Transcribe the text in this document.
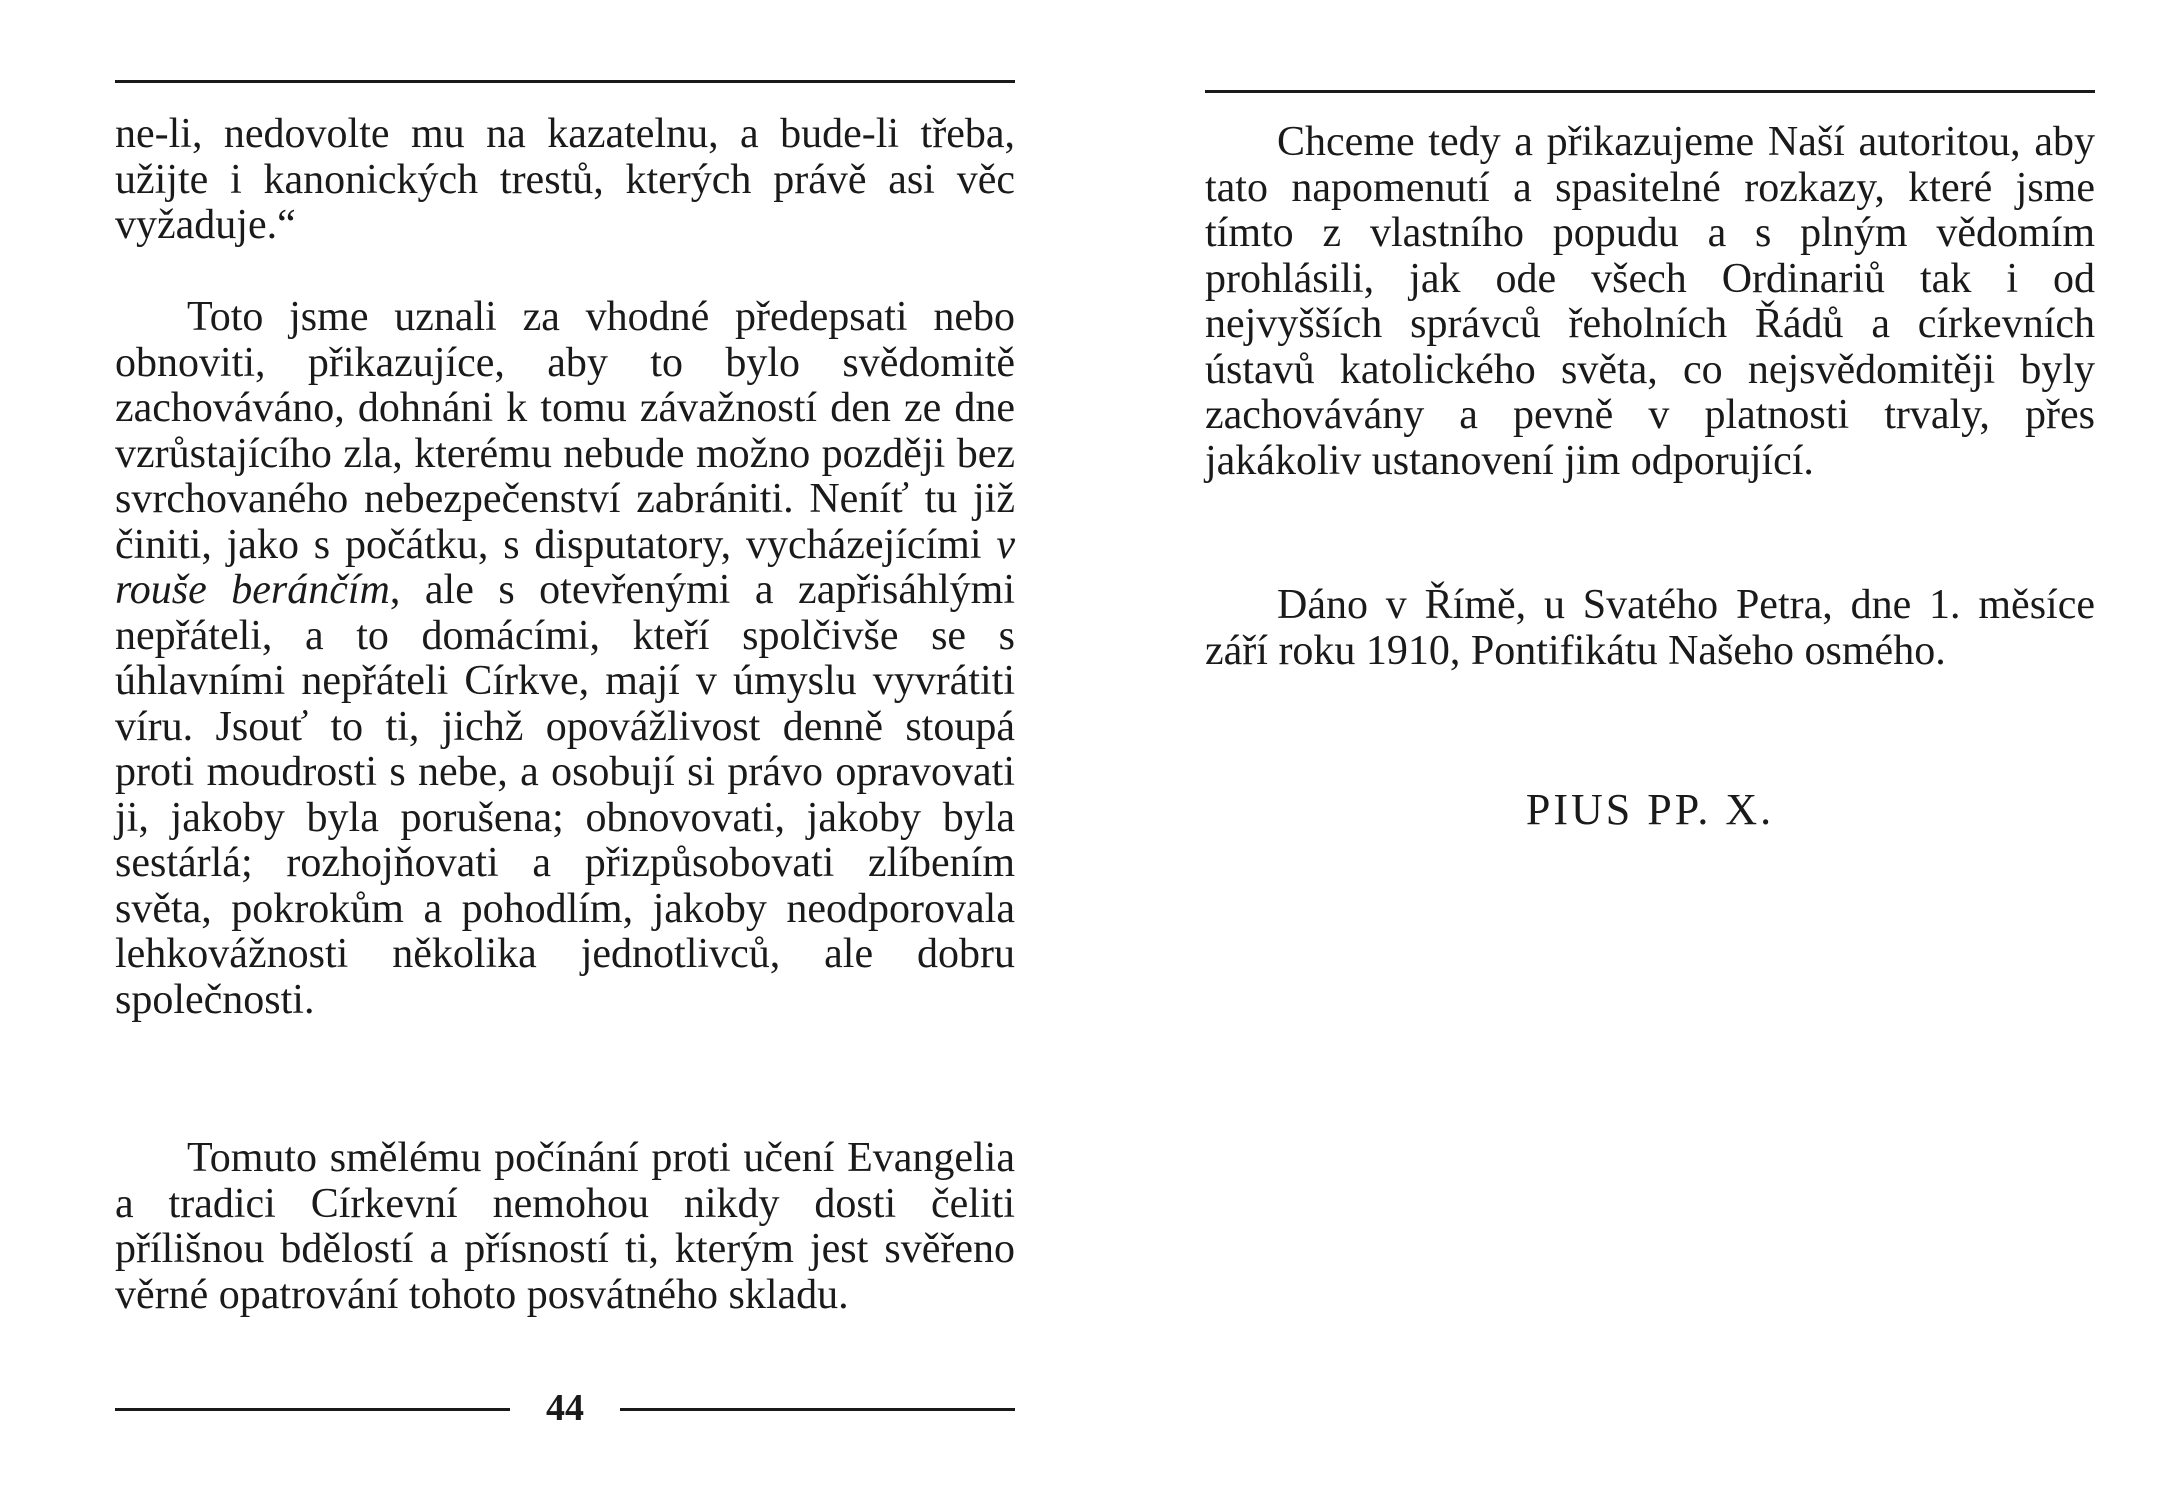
ne-li, nedovolte mu na kazatelnu, a bude-li třeba, užijte i kanonických trestů, kterých právě asi věc vyžaduje.“

Toto jsme uznali za vhodné předepsati nebo obnoviti, přikazujíce, aby to bylo svědomitě zachováváno, dohnáni k tomu závažností den ze dne vzrůstajícího zla, kterému nebude možno později bez svrchovaného nebezpečenství zabrániti. Neníť tu již činiti, jako s počátku, s disputatory, vycházejícími v rouše beránčím, ale s otevřenými a zapřisáhlými nepřáteli, a to domácími, kteří spolčivše se s úhlavními nepřáteli Církve, mají v úmyslu vyvrátiti víru. Jsouť to ti, jichž opovážlivost denně stoupá proti moudrosti s nebe, a osobují si právo opravovati ji, jakoby byla porušena; obnovovati, jakoby byla sestárlá; rozhojňovati a přizpůsobovati zlíbením světa, pokrokům a pohodlím, jakoby neodporovala lehkovážnosti několika jednotlivců, ale dobru společnosti.

Tomuto smělému počínání proti učení Evangelia a tradici Církevní nemohou nikdy dosti čeliti přílišnou bdělostí a přísností ti, kterým jest svěřeno věrné opatrování tohoto posvátného skladu.

44

Chceme tedy a přikazujeme Naší autoritou, aby tato napomenutí a spasitelné rozkazy, které jsme tímto z vlastního popudu a s plným vědomím prohlásili, jak ode všech Ordinariů tak i od nejvyšších správců řeholních Řádů a církevních ústavů katolického světa, co nejsvědomitěji byly zachovávány a pevně v platnosti trvaly, přes jakákoliv ustanovení jim odporující.

Dáno v Římě, u Svatého Petra, dne 1. měsíce září roku 1910, Pontifikátu Našeho osmého.

PIUS PP. X.
